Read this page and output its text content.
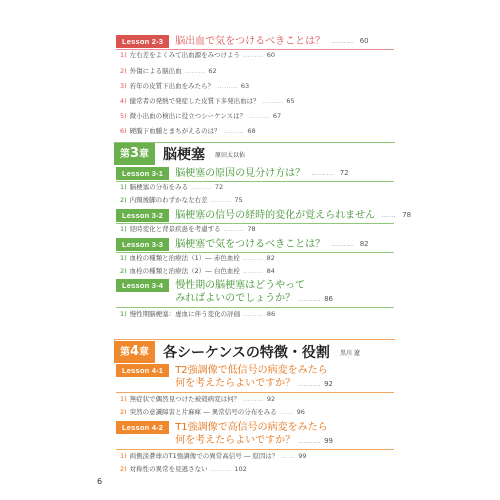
Lesson 2-3	脳出血で気をつけるべきことは？ ……… 60
1) 左右差をよくみて出血源をみつけよう ……… 60
2) 外傷による脳出血 ……… 62
3) 若年の皮質下出血をみたら？ ……… 63
4) 健常者の発熱で発症した皮質下多発出血は？ ……… 65
5) 微小出血の検出に役立つシーケンスは？ ……… 67
6) 硬膜下血腫とまちがえるのは？ ……… 68
第3章	脳梗塞 原田太以佑
Lesson 3-1	脳梗塞の原因の見分け方は？ ……… 72
1) 脳梗塞の分布をみる ……… 72
2) 内頸後脚のわずかな左右差 ……… 75
Lesson 3-2	脳梗塞の信号の経時的変化が覚えられません …… 78
1) 経時変化と背景疾患を考慮する ……… 78
Lesson 3-3	脳梗塞で気をつけるべきことは？ ……… 82
1) 血栓の種類と治療法（1）― 赤色血栓 ……… 82
2) 血栓の種類と治療法（2）― 白色血栓 ……… 84
Lesson 3-4	慢性期の脳梗塞はどうやって
みればよいのでしょうか？ ……… 86
1) 慢性期脳梗塞：虚血に伴う変化の評価 ……… 86
第4章	各シーケンスの特徴・役割 黒川 遼
Lesson 4-1	T2強調像で低信号の病変をみたら
何を考えたらよいですか？ ……… 92
1) 無症状で偶然見つけた被殻病変は何？ ……… 92
2) 突然の意識障害と片麻痺 ― 異常信号の分布をみる …… 96
Lesson 4-2	T1強調像で高信号の病変をみたら
何を考えたらよいですか？ ……… 99
1) 両側淡蒼球のT1強調像での異常高信号 ― 原因は？ …… 99
2) 対称性の異常を見逃さない ……… 102
6
